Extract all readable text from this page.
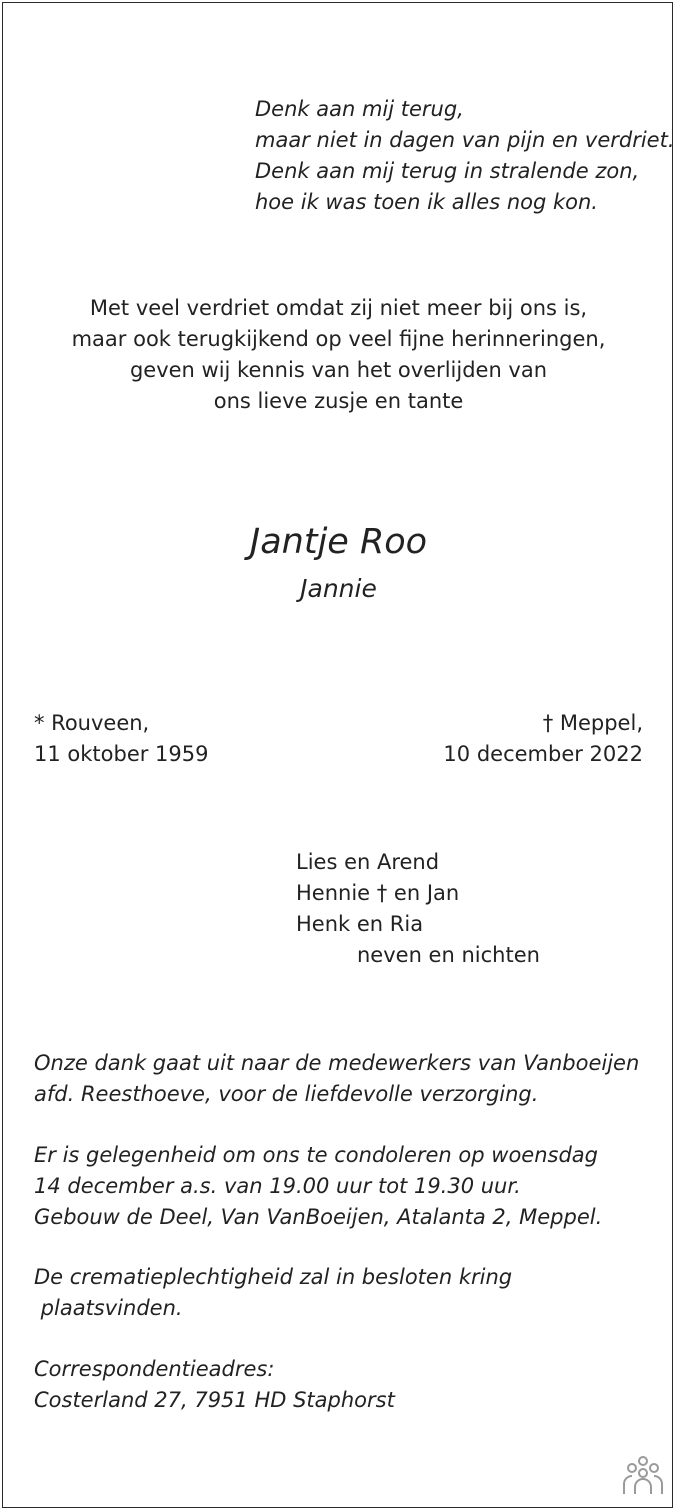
Denk aan mij terug,
maar niet in dagen van pijn en verdriet.
Denk aan mij terug in stralende zon,
hoe ik was toen ik alles nog kon.
Met veel verdriet omdat zij niet meer bij ons is,
maar ook terugkijkend op veel fijne herinneringen,
geven wij kennis van het overlijden van
ons lieve zusje en tante
Jantje Roo
Jannie
* Rouveen,
11 oktober 1959
† Meppel,
10 december 2022
Lies en Arend
Hennie † en Jan
Henk en Ria
neven en nichten
Onze dank gaat uit naar de medewerkers van Vanboeijen
afd. Reesthoeve, voor de liefdevolle verzorging.
Er is gelegenheid om ons te condoleren op woensdag
14 december a.s. van 19.00 uur tot 19.30 uur.
Gebouw de Deel, Van VanBoeijen, Atalanta 2, Meppel.
De crematieplechtigheid zal in besloten kring
plaatsvinden.
Correspondentieadres:
Costerland 27, 7951 HD Staphorst
